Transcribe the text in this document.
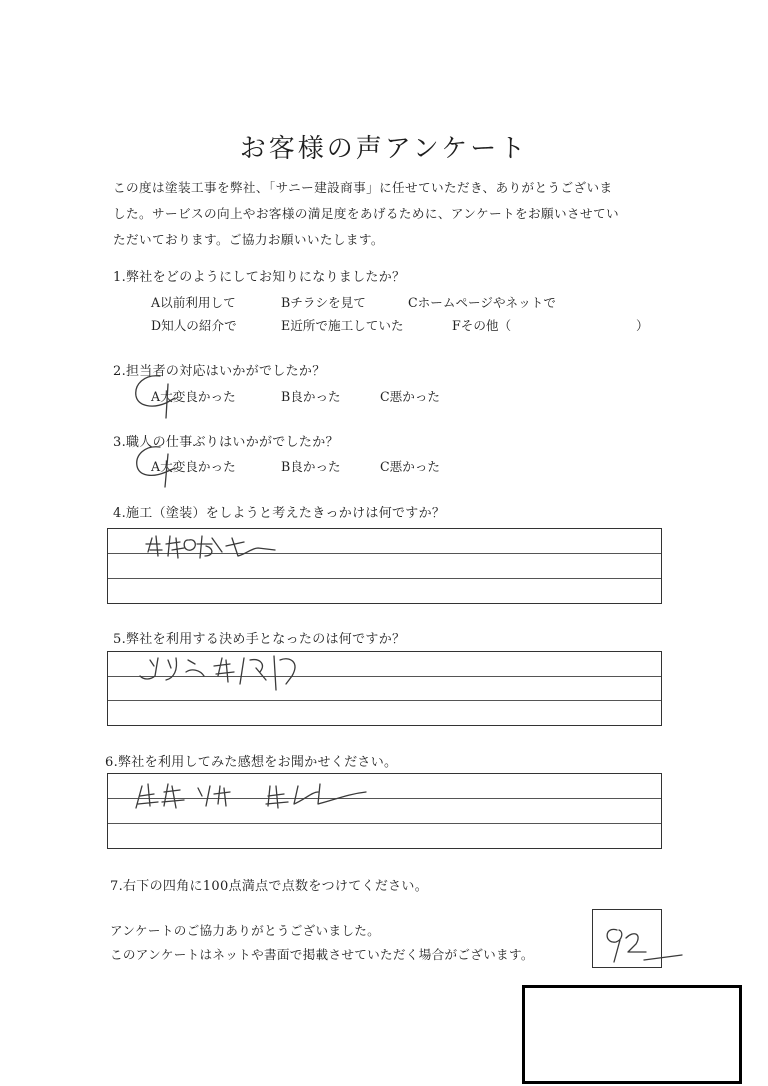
お客様の声アンケート
この度は塗装工事を弊社、「サニー建設商事」に任せていただき、ありがとうございま
した。サービスの向上やお客様の満足度をあげるために、アンケートをお願いさせてい
ただいております。ご協力お願いいたします。
1.弊社をどのようにしてお知りになりましたか？
A以前利用して	Bチラシを見て	Cホームページやネットで
D知人の紹介で	E近所で施工していた	Fその他（	）
2.担当者の対応はいかがでしたか？
A大変良かった	B良かった	C悪かった
3.職人の仕事ぶりはいかがでしたか？
A大変良かった	B良かった	C悪かった
4.施工（塗装）をしようと考えたきっかけは何ですか？
5.弊社を利用する決め手となったのは何ですか？
6.弊社を利用してみた感想をお聞かせください。
7.右下の四角に100点満点で点数をつけてください。
アンケートのご協力ありがとうございました。
このアンケートはネットや書面で掲載させていただく場合がございます。
